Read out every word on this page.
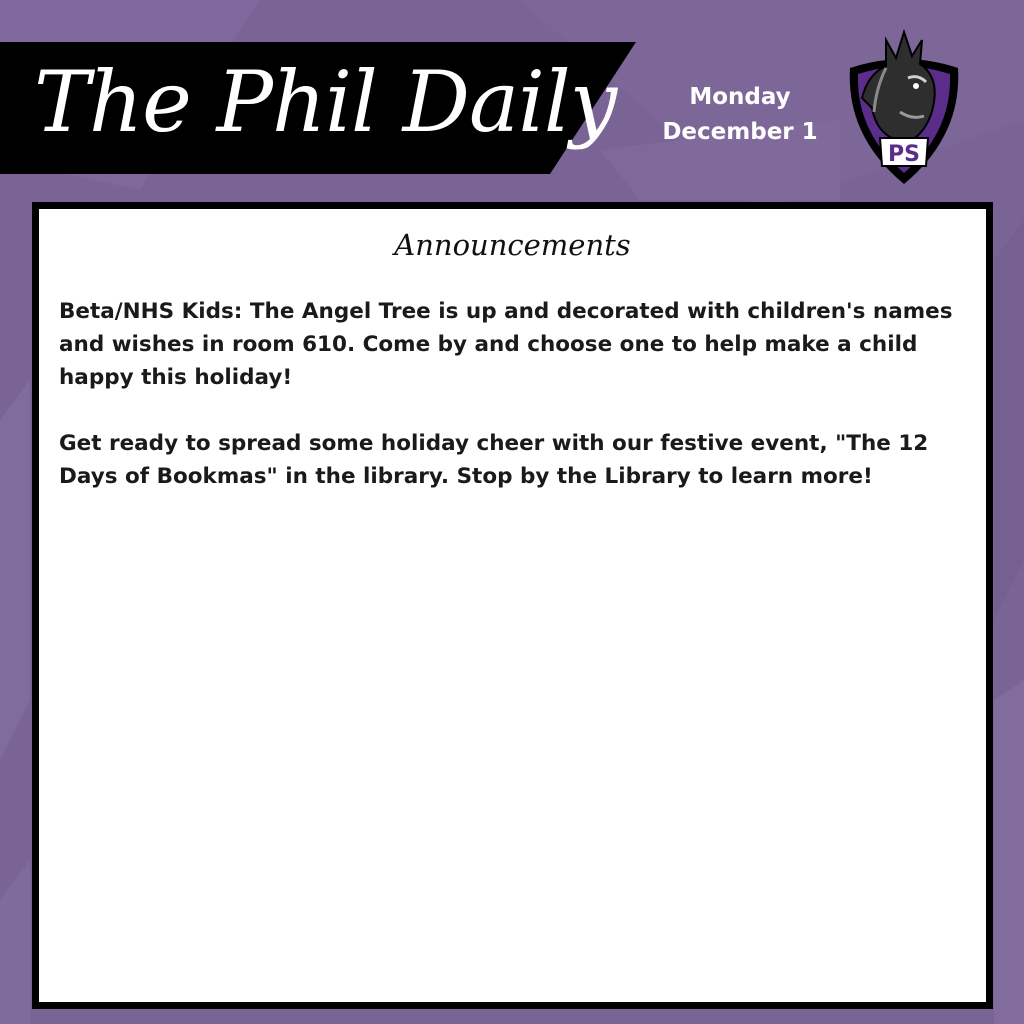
The Phil Daily	Monday
December 1
PS
Announcements

Beta/NHS Kids: The Angel Tree is up and decorated with children's names and wishes in room 610. Come by and choose one to help make a child happy this holiday!

Get ready to spread some holiday cheer with our festive event, "The 12 Days of Bookmas" in the library. Stop by the Library to learn more!
